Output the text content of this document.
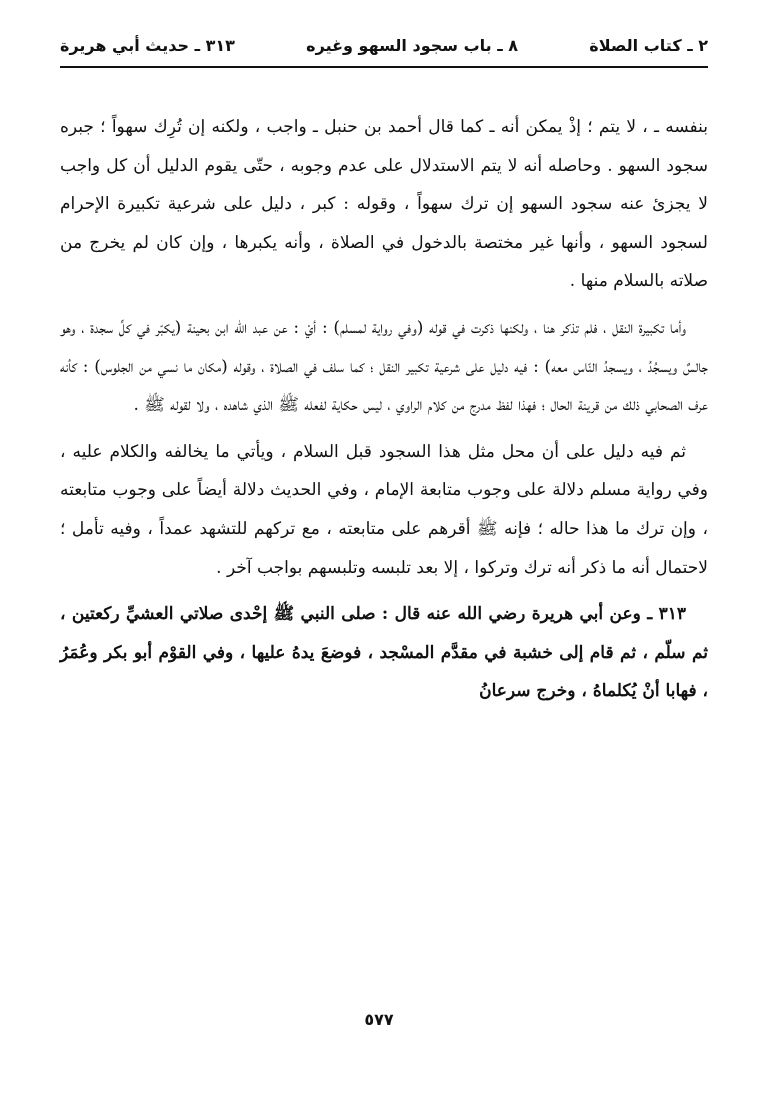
٢ ـ كتاب الصلاة
٨ ـ باب سجود السهو وغيره
٣١٣ ـ حديث أبي هريرة

بنفسه ـ ، لا يتم ؛ إذْ يمكن أنه ـ كما قال أحمد بن حنبل ـ واجب ، ولكنه إن تُرِك سهواً ؛ جبره سجود السهو . وحاصله أنه لا يتم الاستدلال على عدم وجوبه ، حتّى يقوم الدليل أن كل واجب لا يجزئ عنه سجود السهو إن ترك سهواً ، وقوله : كبر ، دليل على شرعية تكبيرة الإحرام لسجود السهو ، وأنها غير مختصة بالدخول في الصلاة ، وأنه يكبرها ، وإن كان لم يخرج من صلاته بالسلام منها .

وأما تكبيرة النقل ، فلم تذكر هنا ، ولكنها ذكرت في قوله (وفي رواية لمسلم) : أيْ : عن عبد الله ابن بحينة (يكبّر في كلِّ سجدة ، وهو جالسٌ ويسجُدُ ، ويسجدُ النّاس معه) : فيه دليل على شرعية تكبير النقل ؛ كما سلف في الصلاة ، وقوله (مكان ما نسي من الجلوس) : كأنه عرف الصحابي ذلك من قرينة الحال ؛ فهذا لفظ مدرج من كلام الراوي ، ليس حكاية لفعله ﷺ الذي شاهده ، ولا لقوله ﷺ .

ثم فيه دليل على أن محل مثل هذا السجود قبل السلام ، ويأتي ما يخالفه والكلام عليه ، وفي رواية مسلم دلالة على وجوب متابعة الإمام ، وفي الحديث دلالة أيضاً على وجوب متابعته ، وإن ترك ما هذا حاله ؛ فإنه ﷺ أقرهم على متابعته ، مع تركهم للتشهد عمداً ، وفيه تأمل ؛ لاحتمال أنه ما ذكر أنه ترك وتركوا ، إلا بعد تلبسه وتلبسهم بواجب آخر .

٣١٣ ـ وعن أبي هريرة رضي الله عنه قال : صلى النبي ﷺ إحْدى صلاتي العشيِّ ركعتين ، ثم سلّم ، ثم قام إلى خشبة في مقدَّم المسْجد ، فوضعَ يدهُ عليها ، وفي القوْم أبو بكر وعُمَرُ ، فهابا أنْ يُكلماهُ ، وخرج سرعانُ

٥٧٧
